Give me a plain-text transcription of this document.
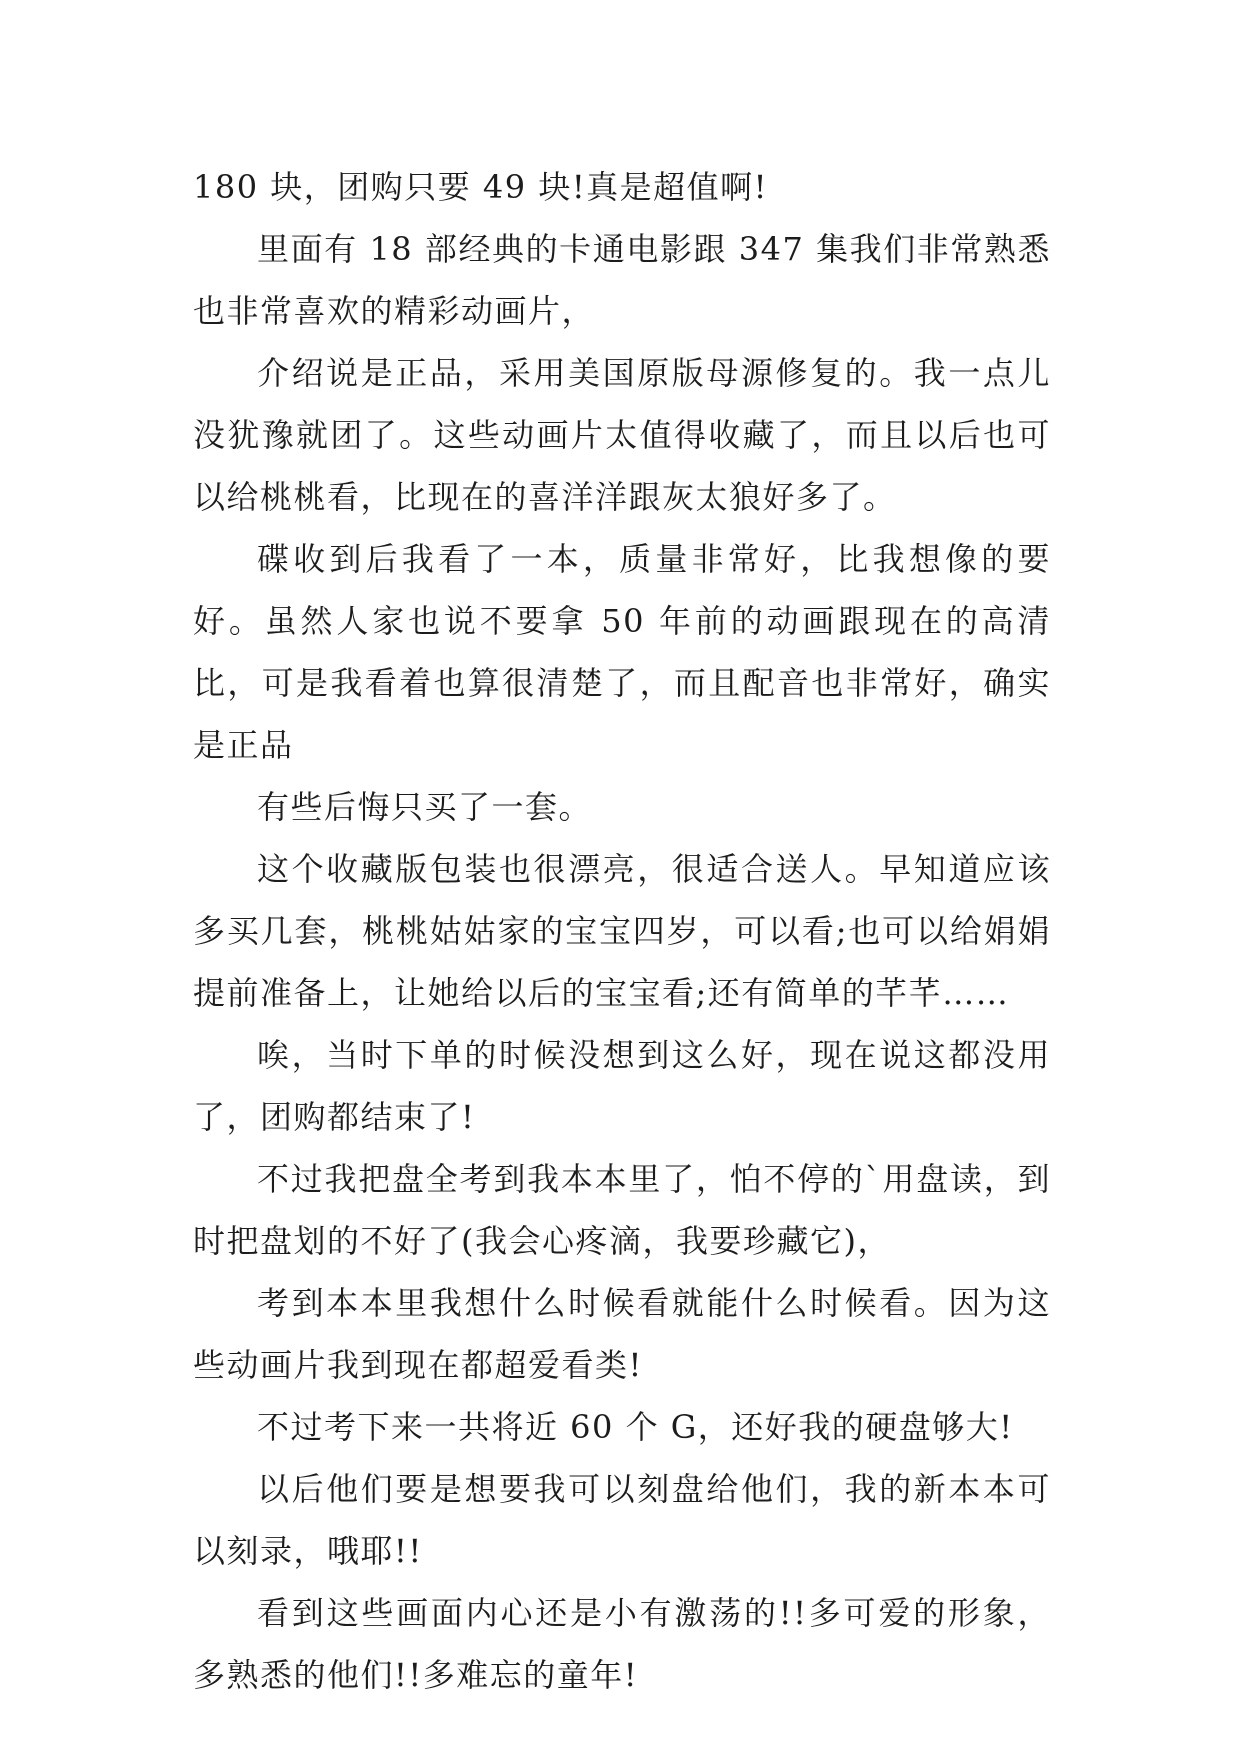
180 块，团购只要 49 块!真是超值啊!

里面有 18 部经典的卡通电影跟 347 集我们非常熟悉也非常喜欢的精彩动画片，

介绍说是正品，采用美国原版母源修复的。我一点儿没犹豫就团了。这些动画片太值得收藏了，而且以后也可以给桃桃看，比现在的喜洋洋跟灰太狼好多了。

碟收到后我看了一本，质量非常好，比我想像的要好。虽然人家也说不要拿 50 年前的动画跟现在的高清比，可是我看着也算很清楚了，而且配音也非常好，确实是正品

有些后悔只买了一套。

这个收藏版包装也很漂亮，很适合送人。早知道应该多买几套，桃桃姑姑家的宝宝四岁，可以看;也可以给娟娟提前准备上，让她给以后的宝宝看;还有简单的芊芊……

唉，当时下单的时候没想到这么好，现在说这都没用了，团购都结束了!

不过我把盘全考到我本本里了，怕不停的`用盘读，到时把盘划的不好了(我会心疼滴，我要珍藏它)，

考到本本里我想什么时候看就能什么时候看。因为这些动画片我到现在都超爱看类!

不过考下来一共将近 60 个 G，还好我的硬盘够大!

以后他们要是想要我可以刻盘给他们，我的新本本可以刻录，哦耶!!

看到这些画面内心还是小有激荡的!!多可爱的形象，多熟悉的他们!!多难忘的童年!
